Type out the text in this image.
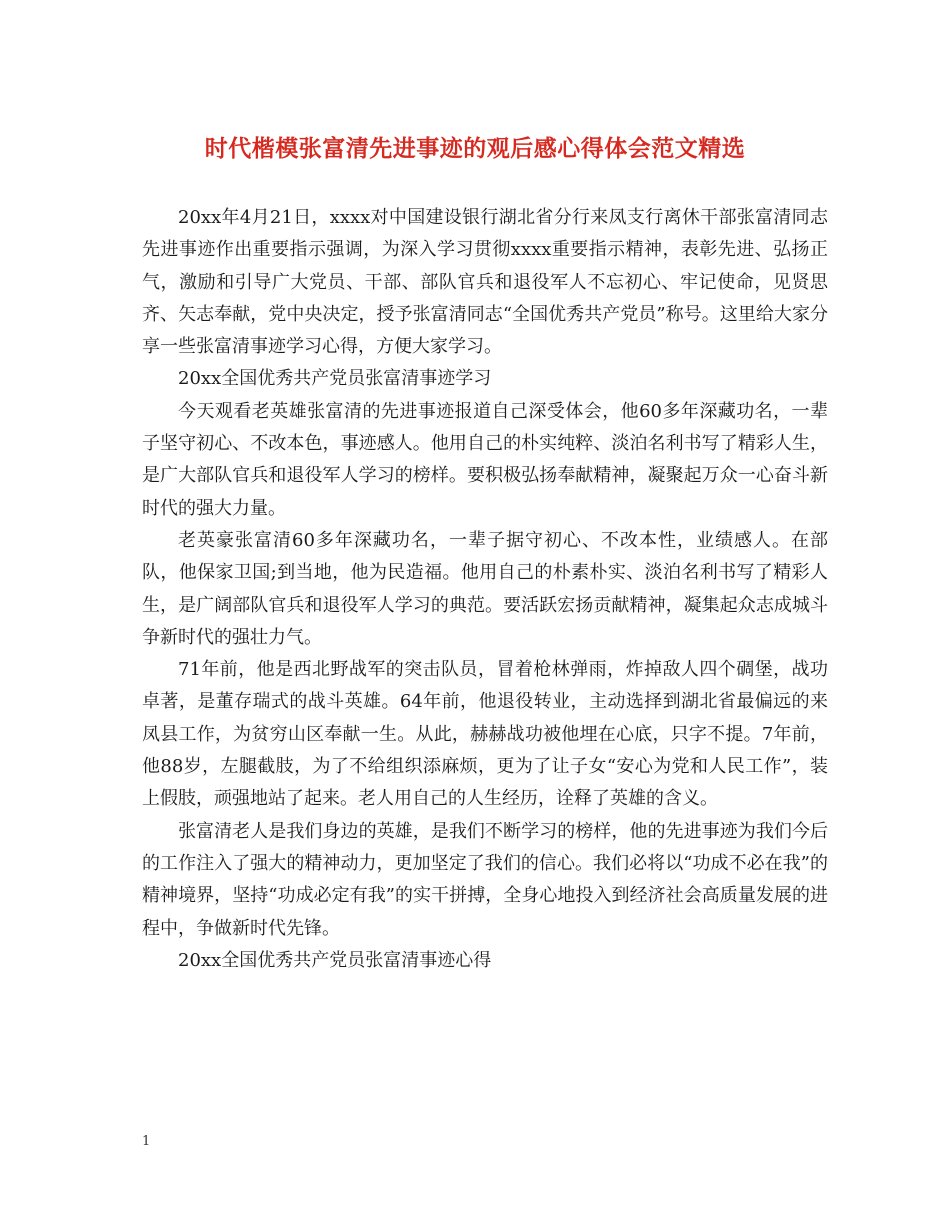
时代楷模张富清先进事迹的观后感心得体会范文精选

20xx年4月21日，xxxx对中国建设银行湖北省分行来凤支行离休干部张富清同志先进事迹作出重要指示强调，为深入学习贯彻xxxx重要指示精神，表彰先进、弘扬正气，激励和引导广大党员、干部、部队官兵和退役军人不忘初心、牢记使命，见贤思齐、矢志奉献，党中央决定，授予张富清同志“全国优秀共产党员”称号。这里给大家分享一些张富清事迹学习心得，方便大家学习。

20xx全国优秀共产党员张富清事迹学习

今天观看老英雄张富清的先进事迹报道自己深受体会，他60多年深藏功名，一辈子坚守初心、不改本色，事迹感人。他用自己的朴实纯粹、淡泊名利书写了精彩人生，是广大部队官兵和退役军人学习的榜样。要积极弘扬奉献精神，凝聚起万众一心奋斗新时代的强大力量。

老英豪张富清60多年深藏功名，一辈子据守初心、不改本性，业绩感人。在部队，他保家卫国;到当地，他为民造福。他用自己的朴素朴实、淡泊名利书写了精彩人生，是广阔部队官兵和退役军人学习的典范。要活跃宏扬贡献精神，凝集起众志成城斗争新时代的强壮力气。

71年前，他是西北野战军的突击队员，冒着枪林弹雨，炸掉敌人四个碉堡，战功卓著，是董存瑞式的战斗英雄。64年前，他退役转业，主动选择到湖北省最偏远的来凤县工作，为贫穷山区奉献一生。从此，赫赫战功被他埋在心底，只字不提。7年前，他88岁，左腿截肢，为了不给组织添麻烦，更为了让子女“安心为党和人民工作”，装上假肢，顽强地站了起来。老人用自己的人生经历，诠释了英雄的含义。

张富清老人是我们身边的英雄，是我们不断学习的榜样，他的先进事迹为我们今后的工作注入了强大的精神动力，更加坚定了我们的信心。我们必将以“功成不必在我”的精神境界，坚持“功成必定有我”的实干拼搏，全身心地投入到经济社会高质量发展的进程中，争做新时代先锋。

20xx全国优秀共产党员张富清事迹心得

1
